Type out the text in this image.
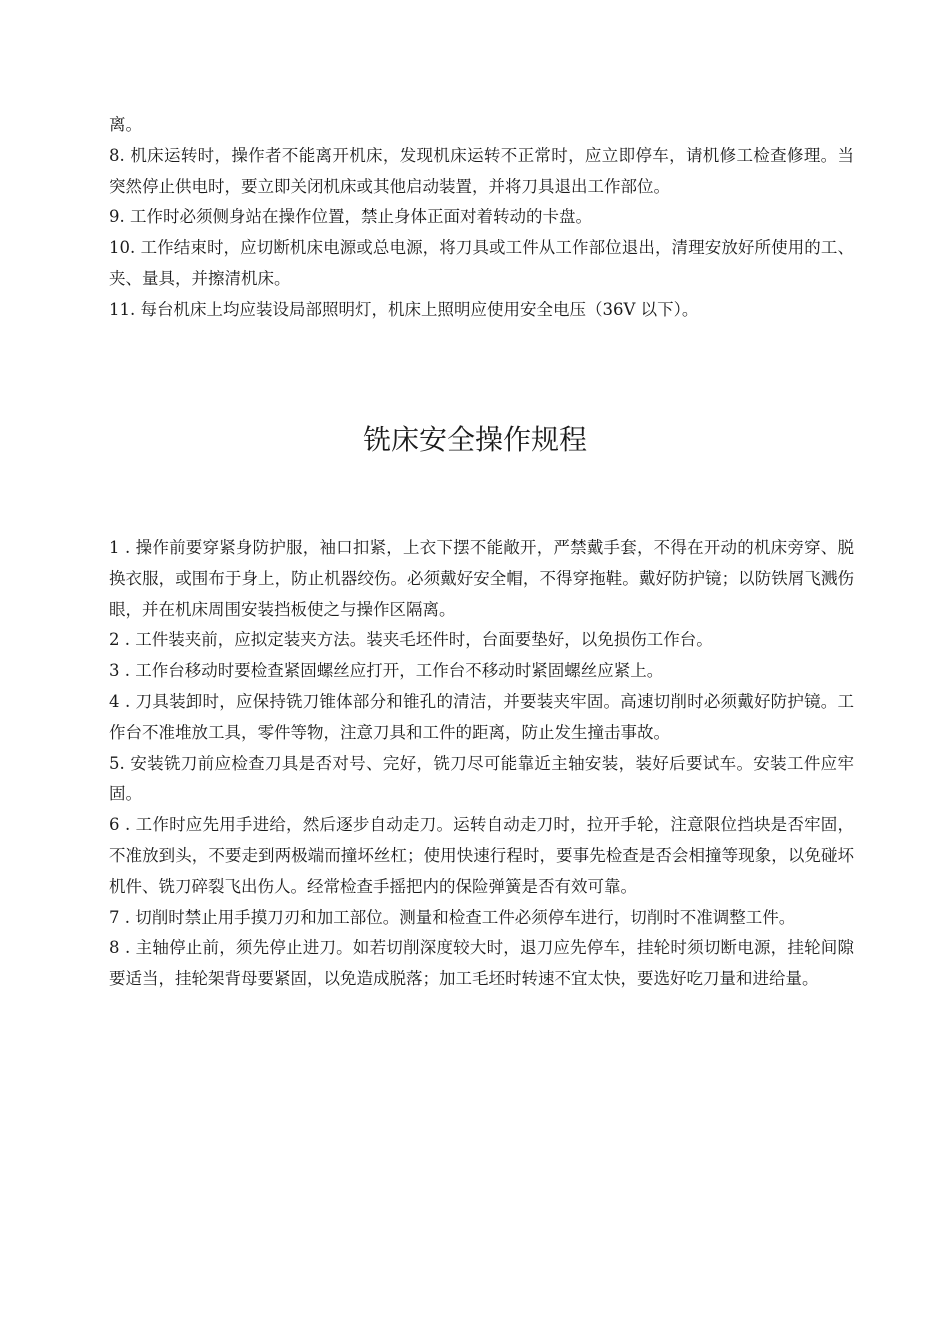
离。

8. 机床运转时，操作者不能离开机床，发现机床运转不正常时，应立即停车，请机修工检查修理。当突然停止供电时，要立即关闭机床或其他启动装置，并将刀具退出工作部位。

9. 工作时必须侧身站在操作位置，禁止身体正面对着转动的卡盘。

10. 工作结束时，应切断机床电源或总电源，将刀具或工件从工作部位退出，清理安放好所使用的工、夹、量具，并擦清机床。

11. 每台机床上均应装设局部照明灯，机床上照明应使用安全电压（36V 以下）。

铣床安全操作规程

1 . 操作前要穿紧身防护服，袖口扣紧，上衣下摆不能敞开，严禁戴手套，不得在开动的机床旁穿、脱换衣服，或围布于身上，防止机器绞伤。必须戴好安全帽，不得穿拖鞋。戴好防护镜；以防铁屑飞溅伤眼，并在机床周围安装挡板使之与操作区隔离。

2 . 工件装夹前，应拟定装夹方法。装夹毛坯件时，台面要垫好，以免损伤工作台。

3 . 工作台移动时要检查紧固螺丝应打开，工作台不移动时紧固螺丝应紧上。

4 . 刀具装卸时，应保持铣刀锥体部分和锥孔的清洁，并要装夹牢固。高速切削时必须戴好防护镜。工作台不准堆放工具，零件等物，注意刀具和工件的距离，防止发生撞击事故。

5. 安装铣刀前应检查刀具是否对号、完好，铣刀尽可能靠近主轴安装，装好后要试车。安装工件应牢固。

6 . 工作时应先用手进给，然后逐步自动走刀。运转自动走刀时，拉开手轮，注意限位挡块是否牢固，不准放到头，不要走到两极端而撞坏丝杠；使用快速行程时，要事先检查是否会相撞等现象，以免碰坏机件、铣刀碎裂飞出伤人。经常检查手摇把内的保险弹簧是否有效可靠。

7 . 切削时禁止用手摸刀刃和加工部位。测量和检查工件必须停车进行，切削时不准调整工件。

8 . 主轴停止前，须先停止进刀。如若切削深度较大时，退刀应先停车，挂轮时须切断电源，挂轮间隙要适当，挂轮架背母要紧固，以免造成脱落；加工毛坯时转速不宜太快，要选好吃刀量和进给量。
